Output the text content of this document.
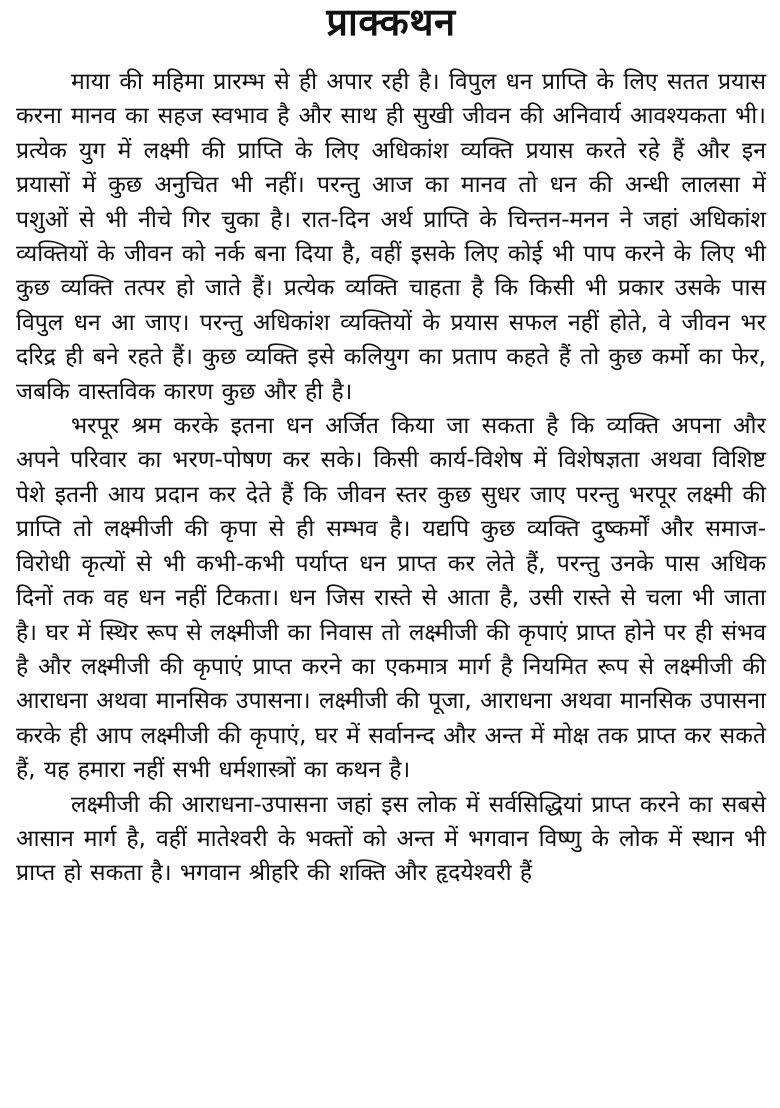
प्राक्कथन

माया की महिमा प्रारम्भ से ही अपार रही है। विपुल धन प्राप्ति के लिए सतत प्रयास करना मानव का सहज स्वभाव है और साथ ही सुखी जीवन की अनिवार्य आवश्यकता भी। प्रत्येक युग में लक्ष्मी की प्राप्ति के लिए अधिकांश व्यक्ति प्रयास करते रहे हैं और इन प्रयासों में कुछ अनुचित भी नहीं। परन्तु आज का मानव तो धन की अन्धी लालसा में पशुओं से भी नीचे गिर चुका है। रात-दिन अर्थ प्राप्ति के चिन्तन-मनन ने जहां अधिकांश व्यक्तियों के जीवन को नर्क बना दिया है, वहीं इसके लिए कोई भी पाप करने के लिए भी कुछ व्यक्ति तत्पर हो जाते हैं। प्रत्येक व्यक्ति चाहता है कि किसी भी प्रकार उसके पास विपुल धन आ जाए। परन्तु अधिकांश व्यक्तियों के प्रयास सफल नहीं होते, वे जीवन भर दरिद्र ही बने रहते हैं। कुछ व्यक्ति इसे कलियुग का प्रताप कहते हैं तो कुछ कर्मो का फेर, जबकि वास्तविक कारण कुछ और ही है।

भरपूर श्रम करके इतना धन अर्जित किया जा सकता है कि व्यक्ति अपना और अपने परिवार का भरण-पोषण कर सके। किसी कार्य-विशेष में विशेषज्ञता अथवा विशिष्ट पेशे इतनी आय प्रदान कर देते हैं कि जीवन स्तर कुछ सुधर जाए परन्तु भरपूर लक्ष्मी की प्राप्ति तो लक्ष्मीजी की कृपा से ही सम्भव है। यद्यपि कुछ व्यक्ति दुष्कर्मों और समाज-विरोधी कृत्यों से भी कभी-कभी पर्याप्त धन प्राप्त कर लेते हैं, परन्तु उनके पास अधिक दिनों तक वह धन नहीं टिकता। धन जिस रास्ते से आता है, उसी रास्ते से चला भी जाता है। घर में स्थिर रूप से लक्ष्मीजी का निवास तो लक्ष्मीजी की कृपाएं प्राप्त होने पर ही संभव है और लक्ष्मीजी की कृपाएं प्राप्त करने का एकमात्र मार्ग है नियमित रूप से लक्ष्मीजी की आराधना अथवा मानसिक उपासना। लक्ष्मीजी की पूजा, आराधना अथवा मानसिक उपासना करके ही आप लक्ष्मीजी की कृपाएं, घर में सर्वानन्द और अन्त में मोक्ष तक प्राप्त कर सकते हैं, यह हमारा नहीं सभी धर्मशास्त्रों का कथन है।

लक्ष्मीजी की आराधना-उपासना जहां इस लोक में सर्वसिद्धियां प्राप्त करने का सबसे आसान मार्ग है, वहीं मातेश्वरी के भक्तों को अन्त में भगवान विष्णु के लोक में स्थान भी प्राप्त हो सकता है। भगवान श्रीहरि की शक्ति और हृदयेश्वरी हैं
